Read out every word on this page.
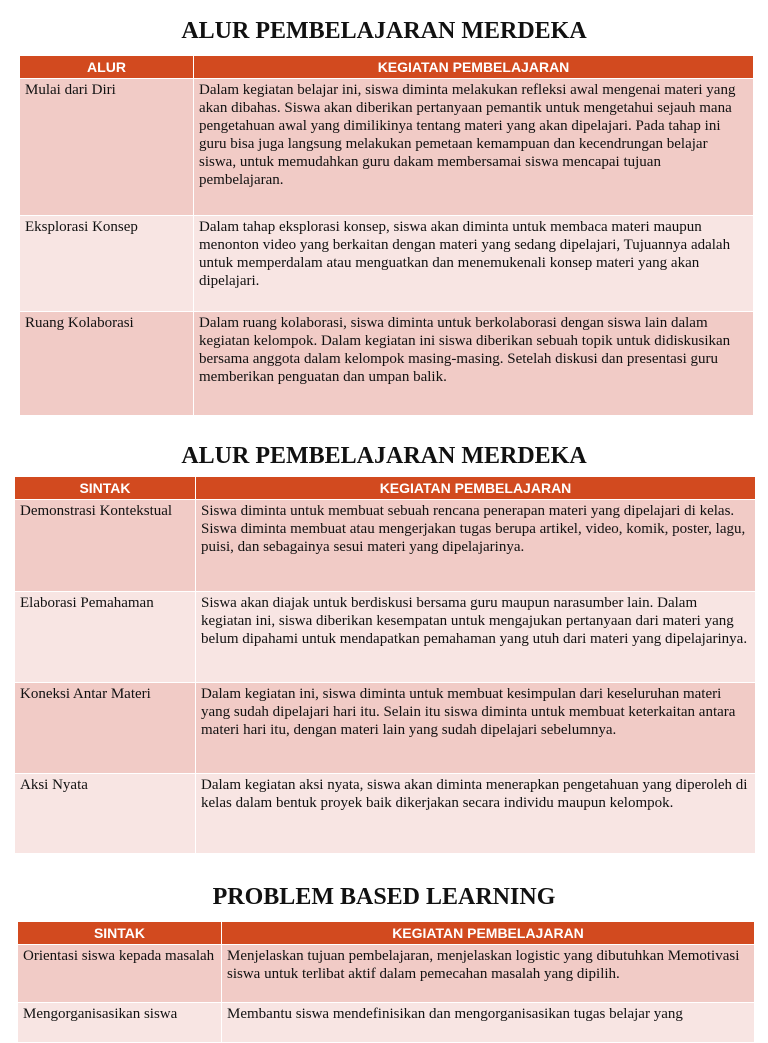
ALUR PEMBELAJARAN MERDEKA
ALUR	KEGIATAN PEMBELAJARAN
Mulai dari Diri	Dalam kegiatan belajar ini, siswa diminta melakukan refleksi awal mengenai materi yang akan dibahas. Siswa akan diberikan pertanyaan pemantik untuk mengetahui sejauh mana pengetahuan awal yang dimilikinya tentang materi yang akan dipelajari. Pada tahap ini guru bisa juga langsung melakukan pemetaan kemampuan dan kecendrungan belajar siswa, untuk memudahkan guru dakam membersamai siswa mencapai tujuan pembelajaran.
Eksplorasi Konsep	Dalam tahap eksplorasi konsep, siswa akan diminta untuk membaca materi maupun menonton video yang berkaitan dengan materi yang sedang dipelajari, Tujuannya adalah untuk memperdalam atau menguatkan dan menemukenali konsep materi yang akan dipelajari.
Ruang Kolaborasi	Dalam ruang kolaborasi, siswa diminta untuk berkolaborasi dengan siswa lain dalam kegiatan kelompok. Dalam kegiatan ini siswa diberikan sebuah topik untuk didiskusikan bersama anggota dalam kelompok masing-masing. Setelah diskusi dan presentasi guru memberikan penguatan dan umpan balik.
ALUR PEMBELAJARAN MERDEKA
SINTAK	KEGIATAN PEMBELAJARAN
Demonstrasi Kontekstual	Siswa diminta untuk membuat sebuah rencana penerapan materi yang dipelajari di kelas. Siswa diminta membuat atau mengerjakan tugas berupa artikel, video, komik, poster, lagu, puisi, dan sebagainya sesui materi yang dipelajarinya.
Elaborasi Pemahaman	Siswa akan diajak untuk berdiskusi bersama guru maupun narasumber lain. Dalam kegiatan ini, siswa diberikan kesempatan untuk mengajukan pertanyaan dari materi yang belum dipahami untuk mendapatkan pemahaman yang utuh dari materi yang dipelajarinya.
Koneksi Antar Materi	Dalam kegiatan ini, siswa diminta untuk membuat kesimpulan dari keseluruhan materi yang sudah dipelajari hari itu. Selain itu siswa diminta untuk membuat keterkaitan antara materi hari itu, dengan materi lain yang sudah dipelajari sebelumnya.
Aksi Nyata	Dalam kegiatan aksi nyata, siswa akan diminta menerapkan pengetahuan yang diperoleh di kelas dalam bentuk proyek baik dikerjakan secara individu maupun kelompok.
PROBLEM BASED LEARNING
SINTAK	KEGIATAN PEMBELAJARAN
Orientasi siswa kepada masalah	Menjelaskan tujuan pembelajaran, menjelaskan logistic yang dibutuhkan Memotivasi siswa untuk terlibat aktif dalam pemecahan masalah yang dipilih.
Mengorganisasikan siswa	Membantu siswa mendefinisikan dan mengorganisasikan tugas belajar yang
